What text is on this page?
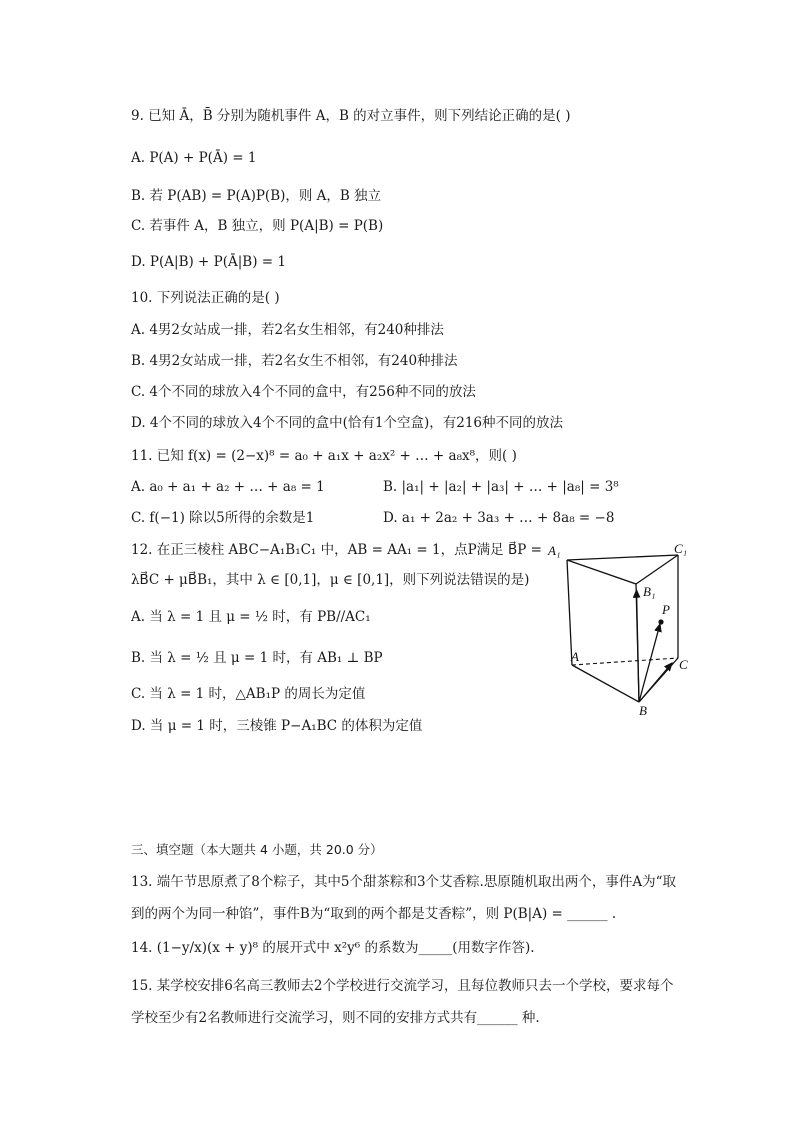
9. 已知 Ā，B̄ 分别为随机事件 A，B 的对立事件，则下列结论正确的是( )
A. P(A) + P(Ā) = 1
B. 若 P(AB) = P(A)P(B)，则 A，B 独立
C. 若事件 A，B 独立，则 P(A|B) = P(B)
D. P(A|B) + P(Ā|B) = 1
10. 下列说法正确的是( )
A. 4男2女站成一排，若2名女生相邻，有240种排法
B. 4男2女站成一排，若2名女生不相邻，有240种排法
C. 4个不同的球放入4个不同的盒中，有256种不同的放法
D. 4个不同的球放入4个不同的盒中(恰有1个空盒)，有216种不同的放法
11. 已知 f(x) = (2−x)⁸ = a₀ + a₁x + a₂x² + … + a₈x⁸，则( )
A. a₀ + a₁ + a₂ + … + a₈ = 1	B. |a₁| + |a₂| + |a₃| + … + |a₈| = 3⁸
C. f(−1) 除以5所得的余数是1	D. a₁ + 2a₂ + 3a₃ + … + 8a₈ = −8
12. 在正三棱柱 ABC−A₁B₁C₁ 中，AB = AA₁ = 1，点P满足 B⃗P =
λB⃗C + μB⃗B₁，其中 λ ∈ [0,1]，μ ∈ [0,1]，则下列说法错误的是)
A. 当 λ = 1 且 μ = ½ 时，有 PB//AC₁
B. 当 λ = ½ 且 μ = 1 时，有 AB₁ ⊥ BP
C. 当 λ = 1 时，△AB₁P 的周长为定值
D. 当 μ = 1 时，三棱锥 P−A₁BC 的体积为定值
A₁	C₁
B₁
P
A
C
B
三、填空题（本大题共 4 小题，共 20.0 分）
13. 端午节思原煮了8个粽子，其中5个甜茶粽和3个艾香粽.思原随机取出两个，事件A为“取
到的两个为同一种馅”，事件B为“取到的两个都是艾香粽”，则 P(B|A) = ______ .
14. (1−y/x)(x + y)⁸ 的展开式中 x²y⁶ 的系数为_____(用数字作答).
15. 某学校安排6名高三教师去2个学校进行交流学习，且每位教师只去一个学校，要求每个
学校至少有2名教师进行交流学习，则不同的安排方式共有______ 种.
